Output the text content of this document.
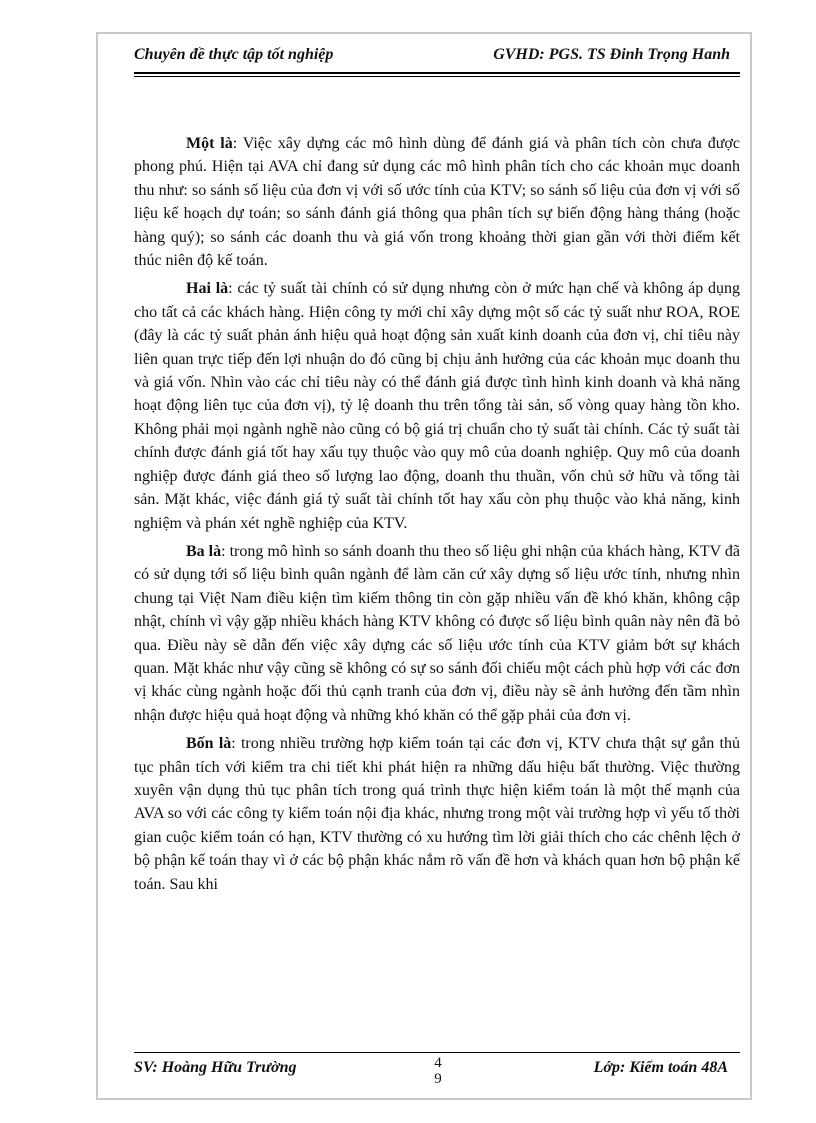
Chuyên đề thực tập tốt nghiệp	GVHD: PGS. TS Đinh Trọng Hanh

Một là: Việc xây dựng các mô hình dùng để đánh giá và phân tích còn chưa được phong phú. Hiện tại AVA chỉ đang sử dụng các mô hình phân tích cho các khoản mục doanh thu như: so sánh số liệu của đơn vị với số ước tính của KTV; so sánh số liệu của đơn vị với số liệu kế hoạch dự toán; so sánh đánh giá thông qua phân tích sự biến động hàng tháng (hoặc hàng quý); so sánh các doanh thu và giá vốn trong khoảng thời gian gần với thời điểm kết thúc niên độ kế toán.

Hai là: các tỷ suất tài chính có sử dụng nhưng còn ở mức hạn chế và không áp dụng cho tất cả các khách hàng. Hiện công ty mới chỉ xây dựng một số các tỷ suất như ROA, ROE (đây là các tỷ suất phản ánh hiệu quả hoạt động sản xuất kinh doanh của đơn vị, chỉ tiêu này liên quan trực tiếp đến lợi nhuận do đó cũng bị chịu ảnh hưởng của các khoản mục doanh thu và giá vốn. Nhìn vào các chỉ tiêu này có thể đánh giá được tình hình kinh doanh và khả năng hoạt động liên tục của đơn vị), tỷ lệ doanh thu trên tổng tài sản, số vòng quay hàng tồn kho. Không phải mọi ngành nghề nào cũng có bộ giá trị chuẩn cho tỷ suất tài chính. Các tỷ suất tài chính được đánh giá tốt hay xấu tụy thuộc vào quy mô của doanh nghiệp. Quy mô của doanh nghiệp được đánh giá theo số lượng lao động, doanh thu thuần, vốn chủ sở hữu và tổng tài sản. Mặt khác, việc đánh giá tỷ suất tài chính tốt hay xấu còn phụ thuộc vào khả năng, kinh nghiệm và phán xét nghề nghiệp của KTV.

Ba là: trong mô hình so sánh doanh thu theo số liệu ghi nhận của khách hàng, KTV đã có sử dụng tới số liệu bình quân ngành để làm căn cứ xây dựng số liệu ước tính, nhưng nhìn chung tại Việt Nam điều kiện tìm kiếm thông tin còn gặp nhiều vấn đề khó khăn, không cập nhật, chính vì vậy gặp nhiều khách hàng KTV không có được số liệu bình quân này nên đã bỏ qua. Điều này sẽ dẫn đến việc xây dựng các số liệu ước tính của KTV giảm bớt sự khách quan. Mặt khác như vậy cũng sẽ không có sự so sánh đối chiếu một cách phù hợp với các đơn vị khác cùng ngành hoặc đối thủ cạnh tranh của đơn vị, điều này sẽ ảnh hưởng đến tầm nhìn nhận được hiệu quả hoạt động và những khó khăn có thể gặp phải của đơn vị.

Bốn là: trong nhiều trường hợp kiểm toán tại các đơn vị, KTV chưa thật sự gắn thủ tục phân tích với kiểm tra chi tiết khi phát hiện ra những dấu hiệu bất thường. Việc thường xuyên vận dụng thủ tục phân tích trong quá trình thực hiện kiểm toán là một thế mạnh của AVA so với các công ty kiểm toán nội địa khác, nhưng trong một vài trường hợp vì yếu tố thời gian cuộc kiểm toán có hạn, KTV thường có xu hướng tìm lời giải thích cho các chênh lệch ở bộ phận kế toán thay vì ở các bộ phận khác nắm rõ vấn đề hơn và khách quan hơn bộ phận kế toán. Sau khi

SV: Hoàng Hữu Trường	4
9
Lớp: Kiểm toán 48A
